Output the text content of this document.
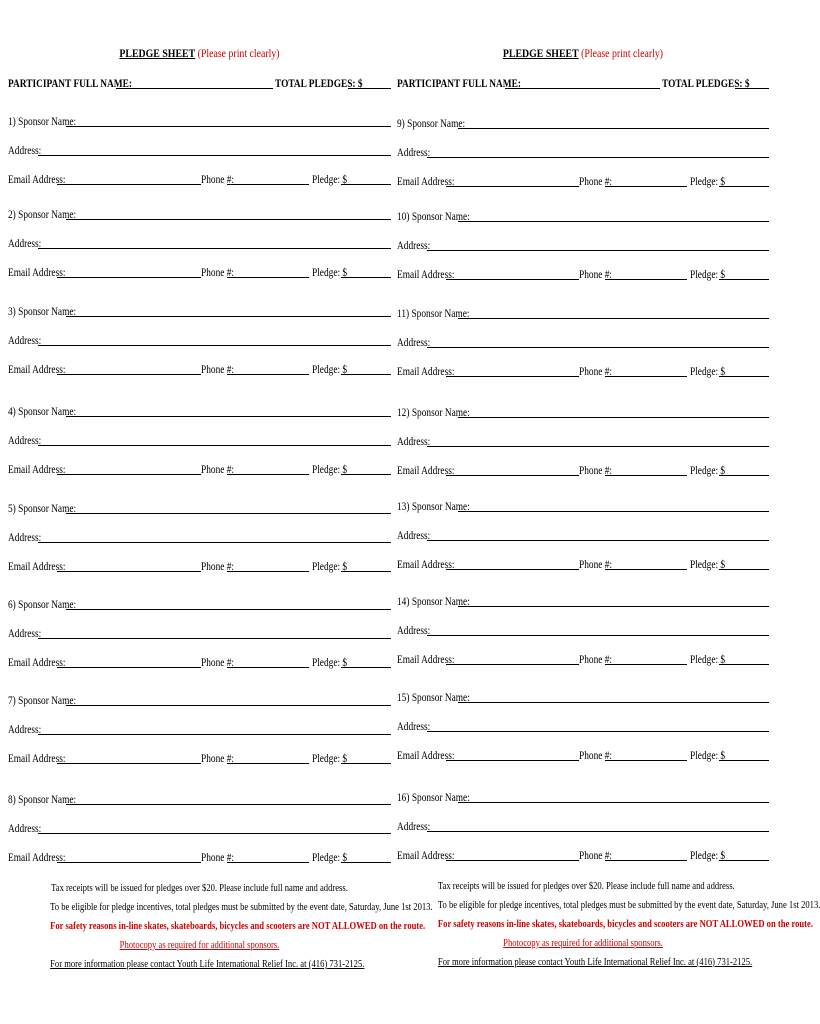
PLEDGE SHEET (Please print clearly)
PARTICIPANT FULL NAME:	TOTAL PLEDGES: $
1) Sponsor Name:
Address:
Email Address:	Phone #:	Pledge: $
2) Sponsor Name:
Address:
Email Address:	Phone #:	Pledge: $
3) Sponsor Name:
Address:
Email Address:	Phone #:	Pledge: $
4) Sponsor Name:
Address:
Email Address:	Phone #:	Pledge: $
5) Sponsor Name:
Address:
Email Address:	Phone #:	Pledge: $
6) Sponsor Name:
Address:
Email Address:	Phone #:	Pledge: $
7) Sponsor Name:
Address:
Email Address:	Phone #:	Pledge: $
8) Sponsor Name:
Address:
Email Address:	Phone #:	Pledge: $
Tax receipts will be issued for pledges over $20. Please include full name and address.
To be eligible for pledge incentives, total pledges must be submitted by the event date, Saturday, June 1st 2013.
For safety reasons in-line skates, skateboards, bicycles and scooters are NOT ALLOWED on the route.
Photocopy as required for additional sponsors.
For more information please contact Youth Life International Relief Inc. at (416) 731-2125.
PLEDGE SHEET (Please print clearly)
PARTICIPANT FULL NAME:	TOTAL PLEDGES: $
9) Sponsor Name:
Address:
Email Address:	Phone #:	Pledge: $
10) Sponsor Name:
Address:
Email Address:	Phone #:	Pledge: $
11) Sponsor Name:
Address:
Email Address:	Phone #:	Pledge: $
12) Sponsor Name:
Address:
Email Address:	Phone #:	Pledge: $
13) Sponsor Name:
Address:
Email Address:	Phone #:	Pledge: $
14) Sponsor Name:
Address:
Email Address:	Phone #:	Pledge: $
15) Sponsor Name:
Address:
Email Address:	Phone #:	Pledge: $
16) Sponsor Name:
Address:
Email Address:	Phone #:	Pledge: $
Tax receipts will be issued for pledges over $20. Please include full name and address.
To be eligible for pledge incentives, total pledges must be submitted by the event date, Saturday, June 1st 2013.
For safety reasons in-line skates, skateboards, bicycles and scooters are NOT ALLOWED on the route.
Photocopy as required for additional sponsors.
For more information please contact Youth Life International Relief Inc. at (416) 731-2125.
